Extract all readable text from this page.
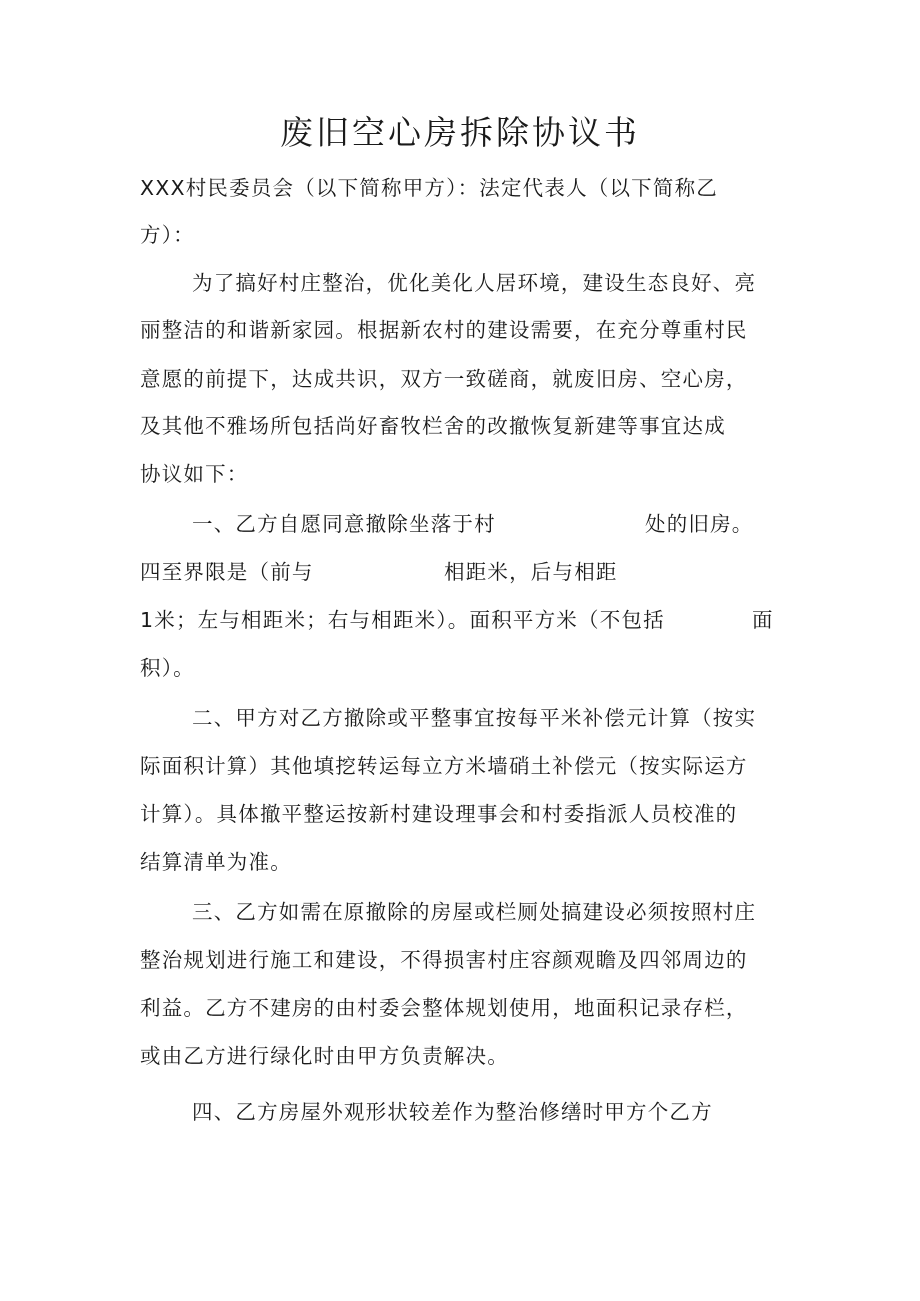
废旧空心房拆除协议书
XXX村民委员会（以下简称甲方）：法定代表人（以下简称乙
方）：
为了搞好村庄整治，优化美化人居环境，建设生态良好、亮
丽整洁的和谐新家园。根据新农村的建设需要，在充分尊重村民
意愿的前提下，达成共识，双方一致磋商，就废旧房、空心房，
及其他不雅场所包括尚好畜牧栏舍的改撤恢复新建等事宜达成
协议如下：
一、乙方自愿同意撤除坐落于村	处的旧房。
四至界限是（前与	相距米，后与相距
1米；左与相距米；右与相距米）。面积平方米（不包括	面
积）。
二、甲方对乙方撤除或平整事宜按每平米补偿元计算（按实
际面积计算）其他填挖转运每立方米墙硝土补偿元（按实际运方
计算）。具体撤平整运按新村建设理事会和村委指派人员校准的
结算清单为准。
三、乙方如需在原撤除的房屋或栏厕处搞建设必须按照村庄
整治规划进行施工和建设，不得损害村庄容颜观瞻及四邻周边的
利益。乙方不建房的由村委会整体规划使用，地面积记录存栏，
或由乙方进行绿化时由甲方负责解决。
四、乙方房屋外观形状较差作为整治修缮时甲方个乙方
